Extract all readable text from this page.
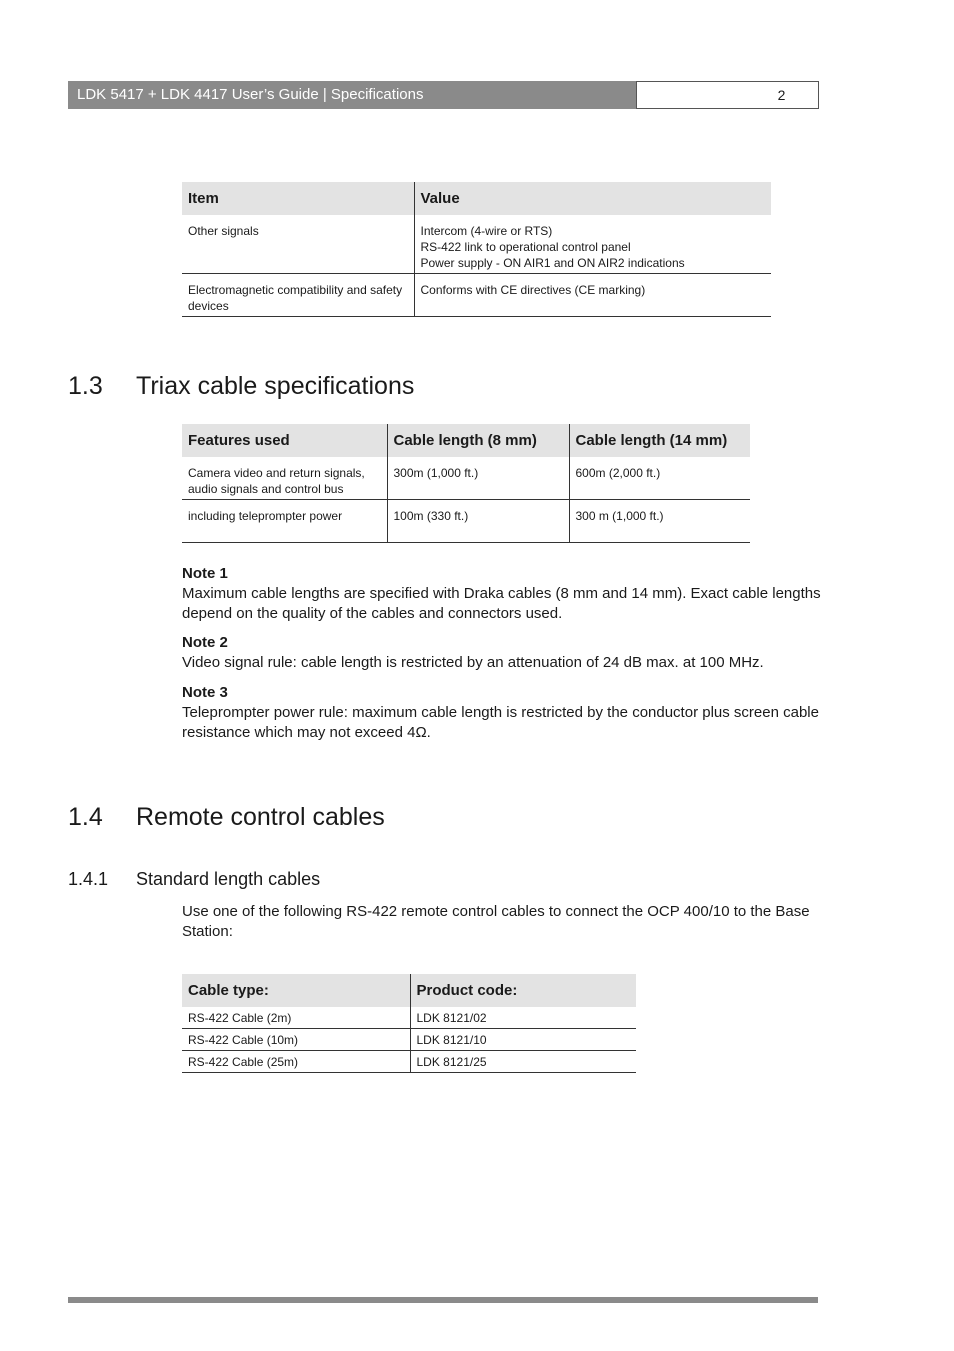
LDK 5417 + LDK 4417 User’s Guide | Specifications	2
Item	Value
Other signals	Intercom (4-wire or RTS)
RS-422 link to operational control panel
Power supply - ON AIR1 and ON AIR2 indications

Electromagnetic compatibility and safety devices	Conforms with CE directives (CE marking)
1.3 Triax cable specifications
Features used	Cable length (8 mm)	Cable length (14 mm)
Camera video and return signals, audio signals and control bus	300m (1,000 ft.)	600m (2,000 ft.)
including teleprompter power	100m (330 ft.)	300 m (1,000 ft.)
Note 1
Maximum cable lengths are specified with Draka cables (8 mm and 14 mm). Exact cable lengths depend on the quality of the cables and connectors used.
Note 2
Video signal rule: cable length is restricted by an attenuation of 24 dB max. at 100 MHz.
Note 3
Teleprompter power rule: maximum cable length is restricted by the conductor plus screen cable resistance which may not exceed 4Ω.
1.4 Remote control cables
1.4.1 Standard length cables
Use one of the following RS-422 remote control cables to connect the OCP 400/10 to the Base Station:
Cable type:	Product code:
RS-422 Cable (2m)	LDK 8121/02
RS-422 Cable (10m)	LDK 8121/10
RS-422 Cable (25m)	LDK 8121/25
